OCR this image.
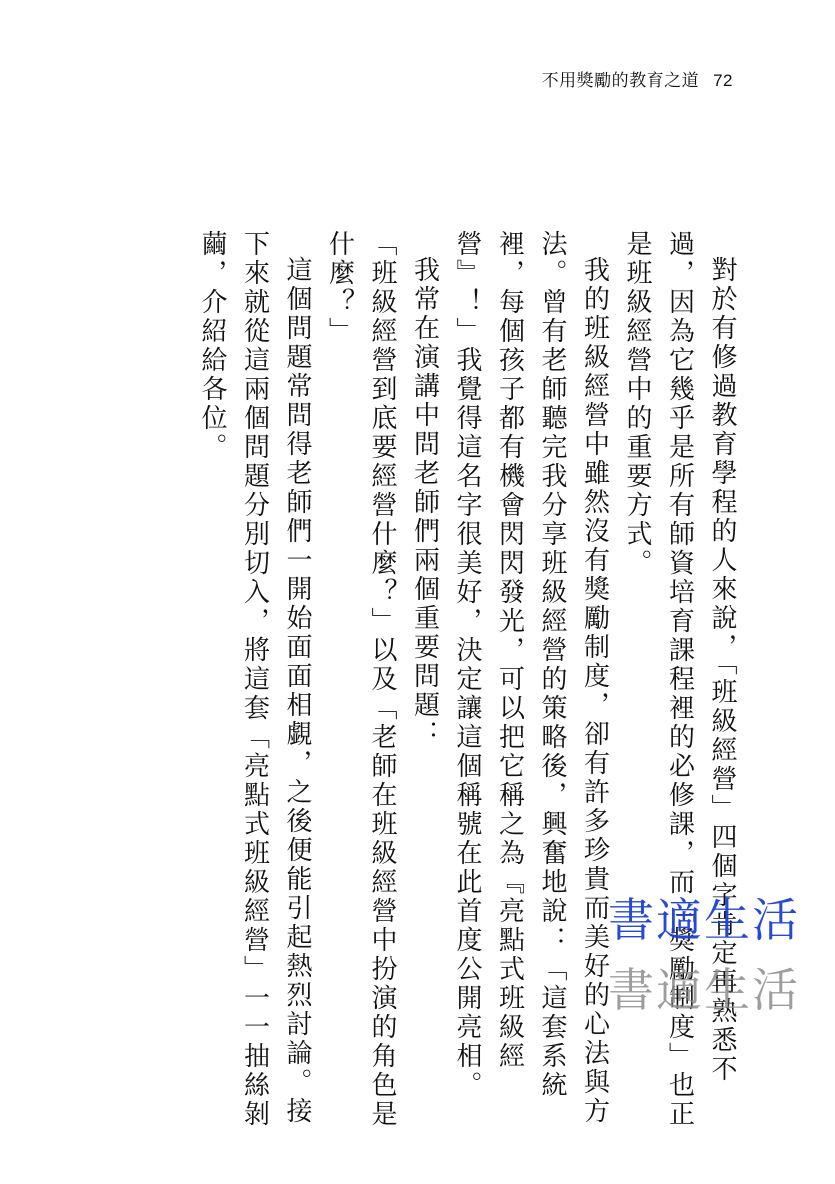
不用獎勵的教育之道 72

對於有修過教育學程的人來說，「班級經營」四個字肯定再熟悉不過，因為它幾乎是所有師資培育課程裡的必修課，而「獎勵制度」也正是班級經營中的重要方式。

我的班級經營中雖然沒有獎勵制度，卻有許多珍貴而美好的心法與方法。曾有老師聽完我分享班級經營的策略後，興奮地說：「這套系統裡，每個孩子都有機會閃閃發光，可以把它稱之為『亮點式班級經營』！」我覺得這名字很美好，決定讓這個稱號在此首度公開亮相。

我常在演講中問老師們兩個重要問題：

「班級經營到底要經營什麼？」以及「老師在班級經營中扮演的角色是什麼？」

這個問題常問得老師們一開始面面相覷，之後便能引起熱烈討論。接下來就從這兩個問題分別切入，將這套「亮點式班級經營」一一抽絲剝繭，介紹給各位。

書適生活
書適生活
